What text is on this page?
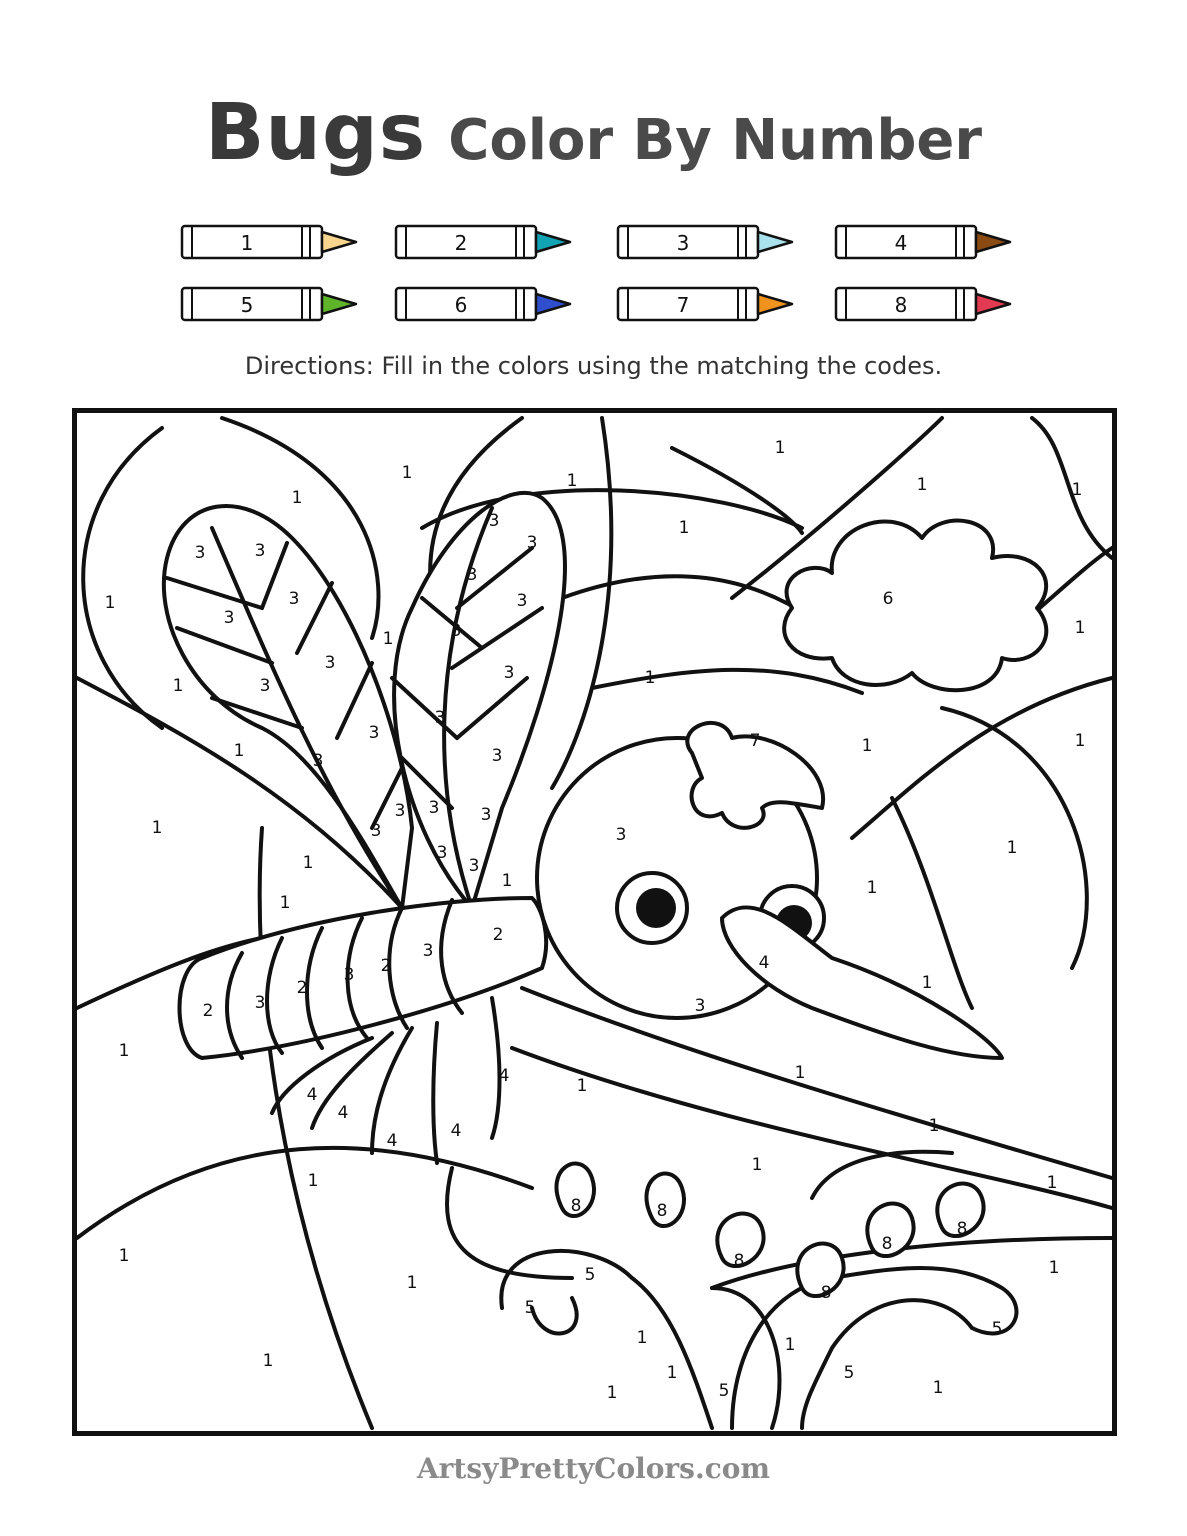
Bugs Color By Number
1	2	3	4
5	6	7	8
Directions: Fill in the colors using the matching the codes.
1
1
1
1
1	1
1
1
1
1	1
1
1
1	1
1
1
1
1
1
1
1
1
1
1
1
1
1
1
1
1
1
1
1
1
1
1
1
3	3
3
3
3
3
3
3
3
3
3
3
3
3
3
3
3
3 3 3
3
3
3
3
2
2
2
2
3
3
3
4
4
4
4	4
4
7
6
8	8
8
8
8
8
5
5
5
5
5
ArtsyPrettyColors.com
